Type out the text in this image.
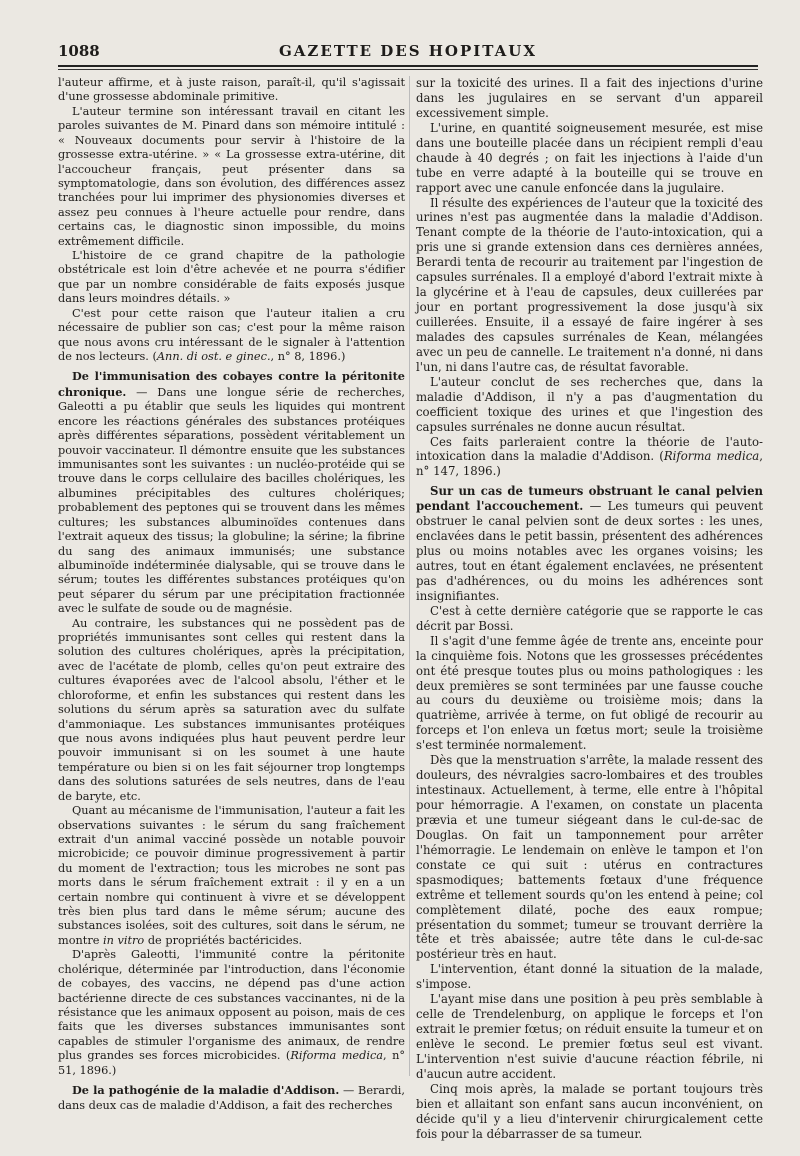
1088	GAZETTE DES HOPITAUX

l'auteur affirme, et à juste raison, paraît-il, qu'il s'agissait d'une grossesse abdominale primitive.

L'auteur termine son intéressant travail en citant les paroles suivantes de M. Pinard dans son mémoire intitulé : « Nouveaux documents pour servir à l'histoire de la grossesse extra-utérine. » « La grossesse extra-utérine, dit l'accoucheur français, peut présenter dans sa symptomatologie, dans son évolution, des différences assez tranchées pour lui imprimer des physionomies diverses et assez peu connues à l'heure actuelle pour rendre, dans certains cas, le diagnostic sinon impossible, du moins extrêmement difficile.

L'histoire de ce grand chapitre de la pathologie obstétricale est loin d'être achevée et ne pourra s'édifier que par un nombre considérable de faits exposés jusque dans leurs moindres détails. »

C'est pour cette raison que l'auteur italien a cru nécessaire de publier son cas; c'est pour la même raison que nous avons cru intéressant de le signaler à l'attention de nos lecteurs. (Ann. di ost. e ginec., n° 8, 1896.)

De l'immunisation des cobayes contre la péritonite chronique. — Dans une longue série de recherches, Galeotti a pu établir que seuls les liquides qui montrent encore les réactions générales des substances protéiques après différentes séparations, possèdent véritablement un pouvoir vaccinateur. Il démontre ensuite que les substances immunisantes sont les suivantes : un nucléo-protéide qui se trouve dans le corps cellulaire des bacilles cholériques, les albumines précipitables des cultures cholériques; probablement des peptones qui se trouvent dans les mêmes cultures; les substances albuminoïdes contenues dans l'extrait aqueux des tissus; la globuline; la sérine; la fibrine du sang des animaux immunisés; une substance albuminoïde indéterminée dialysable, qui se trouve dans le sérum; toutes les différentes substances protéiques qu'on peut séparer du sérum par une précipitation fractionnée avec le sulfate de soude ou de magnésie.

Au contraire, les substances qui ne possèdent pas de propriétés immunisantes sont celles qui restent dans la solution des cultures cholériques, après la précipitation, avec de l'acétate de plomb, celles qu'on peut extraire des cultures évaporées avec de l'alcool absolu, l'éther et le chloroforme, et enfin les substances qui restent dans les solutions du sérum après sa saturation avec du sulfate d'ammoniaque. Les substances immunisantes protéiques que nous avons indiquées plus haut peuvent perdre leur pouvoir immunisant si on les soumet à une haute température ou bien si on les fait séjourner trop longtemps dans des solutions saturées de sels neutres, dans de l'eau de baryte, etc.

Quant au mécanisme de l'immunisation, l'auteur a fait les observations suivantes : le sérum du sang fraîchement extrait d'un animal vacciné possède un notable pouvoir microbicide; ce pouvoir diminue progressivement à partir du moment de l'extraction; tous les microbes ne sont pas morts dans le sérum fraîchement extrait : il y en a un certain nombre qui continuent à vivre et se développent très bien plus tard dans le même sérum; aucune des substances isolées, soit des cultures, soit dans le sérum, ne montre in vitro de propriétés bactéricides.

D'après Galeotti, l'immunité contre la péritonite cholérique, déterminée par l'introduction, dans l'économie de cobayes, des vaccins, ne dépend pas d'une action bactérienne directe de ces substances vaccinantes, ni de la résistance que les animaux opposent au poison, mais de ces faits que les diverses substances immunisantes sont capables de stimuler l'organisme des animaux, de rendre plus grandes ses forces microbicides. (Riforma medica, n° 51, 1896.)

De la pathogénie de la maladie d'Addison. — Berardi, dans deux cas de maladie d'Addison, a fait des recherches

sur la toxicité des urines. Il a fait des injections d'urine dans les jugulaires en se servant d'un appareil excessivement simple.

L'urine, en quantité soigneusement mesurée, est mise dans une bouteille placée dans un récipient rempli d'eau chaude à 40 degrés ; on fait les injections à l'aide d'un tube en verre adapté à la bouteille qui se trouve en rapport avec une canule enfoncée dans la jugulaire.

Il résulte des expériences de l'auteur que la toxicité des urines n'est pas augmentée dans la maladie d'Addison. Tenant compte de la théorie de l'auto-intoxication, qui a pris une si grande extension dans ces dernières années, Berardi tenta de recourir au traitement par l'ingestion de capsules surrénales. Il a employé d'abord l'extrait mixte à la glycérine et à l'eau de capsules, deux cuillerées par jour en portant progressivement la dose jusqu'à six cuillerées. Ensuite, il a essayé de faire ingérer à ses malades des capsules surrénales de Kean, mélangées avec un peu de cannelle. Le traitement n'a donné, ni dans l'un, ni dans l'autre cas, de résultat favorable.

L'auteur conclut de ses recherches que, dans la maladie d'Addison, il n'y a pas d'augmentation du coefficient toxique des urines et que l'ingestion des capsules surrénales ne donne aucun résultat.

Ces faits parleraient contre la théorie de l'auto-intoxication dans la maladie d'Addison. (Riforma medica, n° 147, 1896.)

Sur un cas de tumeurs obstruant le canal pelvien pendant l'accouchement. — Les tumeurs qui peuvent obstruer le canal pelvien sont de deux sortes : les unes, enclavées dans le petit bassin, présentent des adhérences plus ou moins notables avec les organes voisins; les autres, tout en étant également enclavées, ne présentent pas d'adhérences, ou du moins les adhérences sont insignifiantes.

C'est à cette dernière catégorie que se rapporte le cas décrit par Bossi.

Il s'agit d'une femme âgée de trente ans, enceinte pour la cinquième fois. Notons que les grossesses précédentes ont été presque toutes plus ou moins pathologiques : les deux premières se sont terminées par une fausse couche au cours du deuxième ou troisième mois; dans la quatrième, arrivée à terme, on fut obligé de recourir au forceps et l'on enleva un fœtus mort; seule la troisième s'est terminée normalement.

Dès que la menstruation s'arrête, la malade ressent des douleurs, des névralgies sacro-lombaires et des troubles intestinaux. Actuellement, à terme, elle entre à l'hôpital pour hémorragie. A l'examen, on constate un placenta prævia et une tumeur siégeant dans le cul-de-sac de Douglas. On fait un tamponnement pour arrêter l'hémorragie. Le lendemain on enlève le tampon et l'on constate ce qui suit : utérus en contractures spasmodiques; battements fœtaux d'une fréquence extrême et tellement sourds qu'on les entend à peine; col complètement dilaté, poche des eaux rompue; présentation du sommet; tumeur se trouvant derrière la tête et très abaissée; autre tête dans le cul-de-sac postérieur très en haut.

L'intervention, étant donné la situation de la malade, s'impose.

L'ayant mise dans une position à peu près semblable à celle de Trendelenburg, on applique le forceps et l'on extrait le premier fœtus; on réduit ensuite la tumeur et on enlève le second. Le premier fœtus seul est vivant. L'intervention n'est suivie d'aucune réaction fébrile, ni d'aucun autre accident.

Cinq mois après, la malade se portant toujours très bien et allaitant son enfant sans aucun inconvénient, on décide qu'il y a lieu d'intervenir chirurgicalement cette fois pour la débarrasser de sa tumeur.
